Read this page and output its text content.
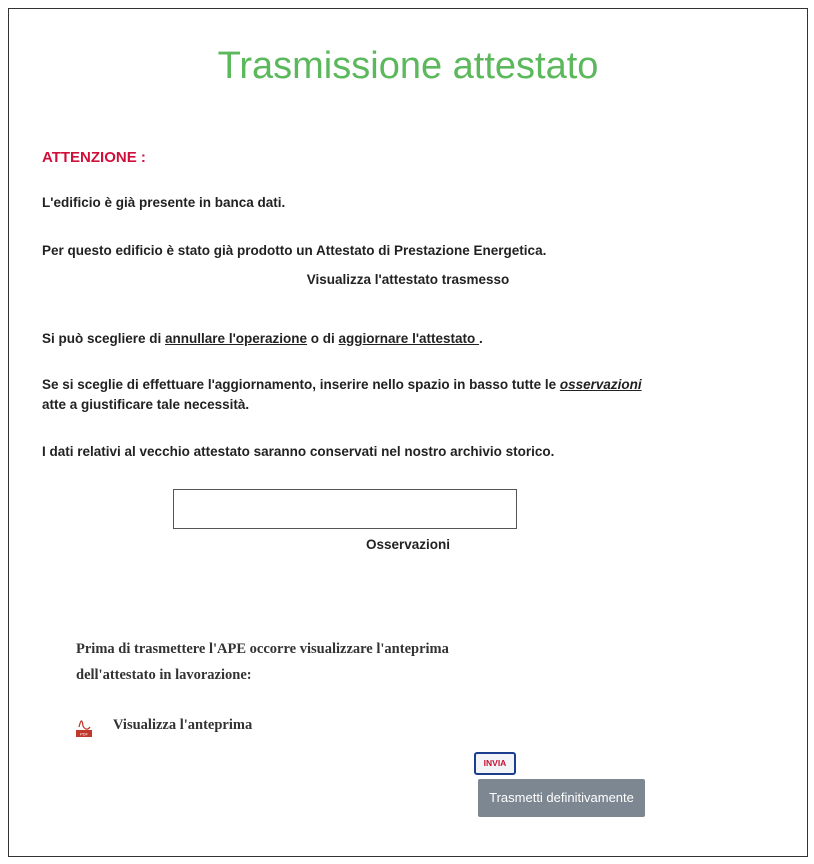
Trasmissione attestato
ATTENZIONE :
L'edificio è già presente in banca dati.
Per questo edificio è stato già prodotto un Attestato di Prestazione Energetica.
Visualizza l'attestato trasmesso
Si può scegliere di annullare l'operazione o di aggiornare l'attestato .
Se si sceglie di effettuare l'aggiornamento, inserire nello spazio in basso tutte le osservazioni
atte a giustificare tale necessità.
I dati relativi al vecchio attestato saranno conservati nel nostro archivio storico.
Osservazioni
Prima di trasmettere l'APE occorre visualizzare l'anteprima
dell'attestato in lavorazione:
PDF
Visualizza l'anteprima
INVIA
Trasmetti definitivamente
